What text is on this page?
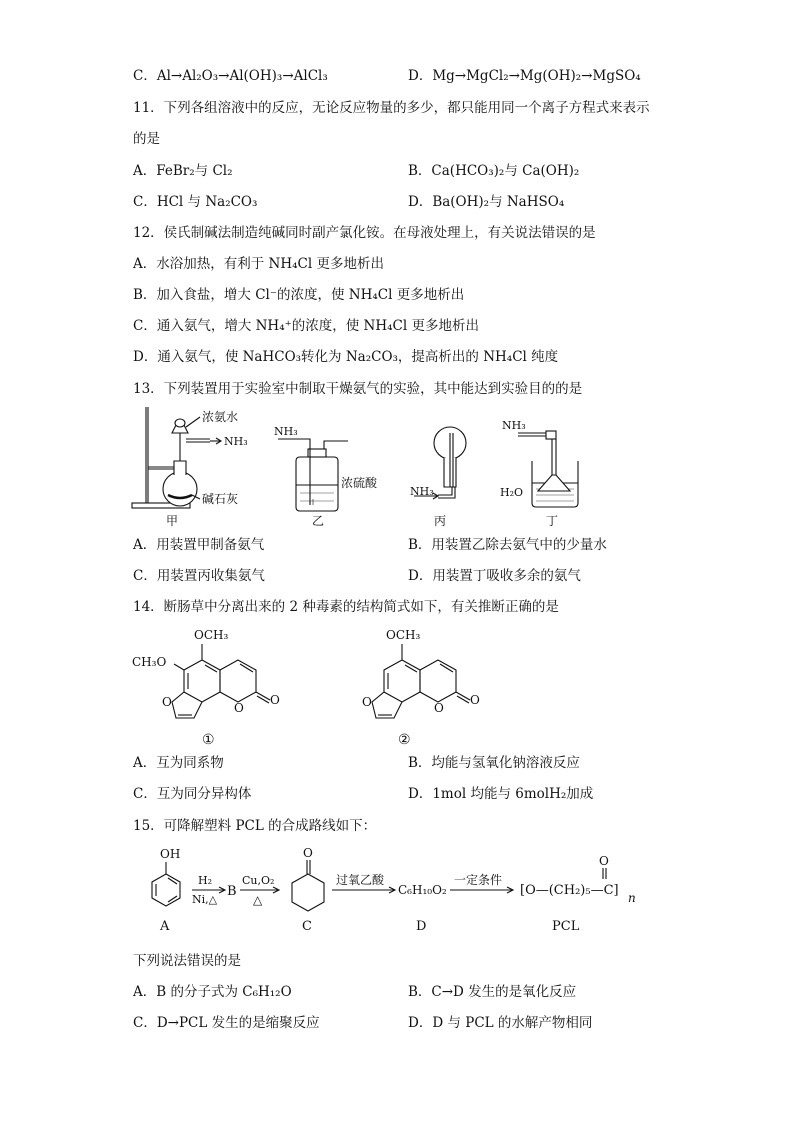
C．Al→Al₂O₃→Al(OH)₃→AlCl₃	D．Mg→MgCl₂→Mg(OH)₂→MgSO₄
11．下列各组溶液中的反应，无论反应物量的多少，都只能用同一个离子方程式来表示
的是
A．FeBr₂与 Cl₂	B．Ca(HCO₃)₂与 Ca(OH)₂
C．HCl 与 Na₂CO₃	D．Ba(OH)₂与 NaHSO₄
12．侯氏制碱法制造纯碱同时副产氯化铵。在母液处理上，有关说法错误的是
A．水浴加热，有利于 NH₄Cl 更多地析出
B．加入食盐，增大 Cl⁻的浓度，使 NH₄Cl 更多地析出
C．通入氨气，增大 NH₄⁺的浓度，使 NH₄Cl 更多地析出
D．通入氨气，使 NaHCO₃转化为 Na₂CO₃，提高析出的 NH₄Cl 纯度
13．下列装置用于实验室中制取干燥氨气的实验，其中能达到实验目的的是
浓氨水
NH₃
碱石灰
甲
NH₃
浓硫酸
乙
NH₃
丙
NH₃
H₂O
丁
A．用装置甲制备氨气	B．用装置乙除去氨气中的少量水
C．用装置丙收集氨气	D．用装置丁吸收多余的氨气
14．断肠草中分离出来的 2 种毒素的结构简式如下，有关推断正确的是
OCH₃
CH₃O
O	O
O
①
OCH₃
O	O
O
②
A．互为同系物	B．均能与氢氧化钠溶液反应
C．互为同分异构体	D．1mol 均能与 6molH₂加成
15．可降解塑料 PCL 的合成路线如下：
OH
A
H₂
Ni,△
B
Cu,O₂
△
O
C
过氧乙酸
C₆H₁₀O₂
D
一定条件
O
[O—(CH₂)₅—C] n
PCL
下列说法错误的是
A．B 的分子式为 C₆H₁₂O	B．C→D 发生的是氧化反应
C．D→PCL 发生的是缩聚反应	D．D 与 PCL 的水解产物相同
